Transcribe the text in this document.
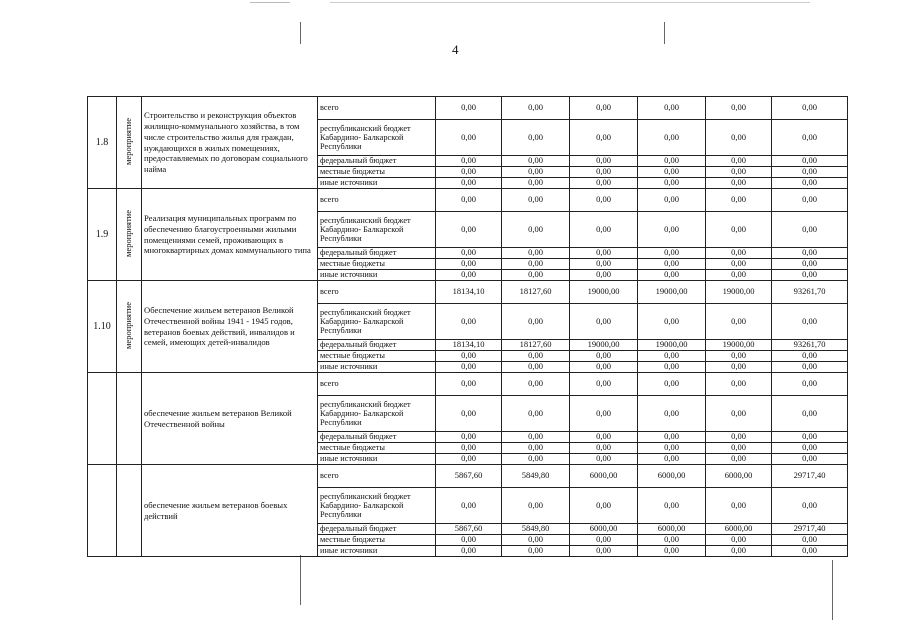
4
1.8	мероприятие	Строительство и реконструкция объектов жилищно-коммунального хозяйства, в том числе строительство жилья для граждан, нуждающихся в жилых помещениях, предоставляемых по договорам социального найма	всего	0,00	0,00	0,00	0,00	0,00	0,00
			республиканский бюджет Кабардино- Балкарской Республики	0,00	0,00	0,00	0,00	0,00	0,00
			федеральный бюджет	0,00	0,00	0,00	0,00	0,00	0,00
			местные бюджеты	0,00	0,00	0,00	0,00	0,00	0,00
			иные источники	0,00	0,00	0,00	0,00	0,00	0,00
1.9	мероприятие	Реализация муниципальных программ по обеспечению благоустроенными жилыми помещениями семей, проживающих в многоквартирных домах коммунального типа	всего	0,00	0,00	0,00	0,00	0,00	0,00
			республиканский бюджет Кабардино- Балкарской Республики	0,00	0,00	0,00	0,00	0,00	0,00
			федеральный бюджет	0,00	0,00	0,00	0,00	0,00	0,00
			местные бюджеты	0,00	0,00	0,00	0,00	0,00	0,00
			иные источники	0,00	0,00	0,00	0,00	0,00	0,00
1.10	мероприятие	Обеспечение жильем ветеранов Великой Отечественной войны 1941 - 1945 годов, ветеранов боевых действий, инвалидов и семей, имеющих детей-инвалидов	всего	18134,10	18127,60	19000,00	19000,00	19000,00	93261,70
			республиканский бюджет Кабардино- Балкарской Республики	0,00	0,00	0,00	0,00	0,00	0,00
			федеральный бюджет	18134,10	18127,60	19000,00	19000,00	19000,00	93261,70
			местные бюджеты	0,00	0,00	0,00	0,00	0,00	0,00
			иные источники	0,00	0,00	0,00	0,00	0,00	0,00
		обеспечение жильем ветеранов Великой Отечественной войны	всего	0,00	0,00	0,00	0,00	0,00	0,00
			республиканский бюджет Кабардино- Балкарской Республики	0,00	0,00	0,00	0,00	0,00	0,00
			федеральный бюджет	0,00	0,00	0,00	0,00	0,00	0,00
			местные бюджеты	0,00	0,00	0,00	0,00	0,00	0,00
			иные источники	0,00	0,00	0,00	0,00	0,00	0,00
		обеспечение жильем ветеранов боевых действий	всего	5867,60	5849,80	6000,00	6000,00	6000,00	29717,40
			республиканский бюджет Кабардино- Балкарской Республики	0,00	0,00	0,00	0,00	0,00	0,00
			федеральный бюджет	5867,60	5849,80	6000,00	6000,00	6000,00	29717,40
			местные бюджеты	0,00	0,00	0,00	0,00	0,00	0,00
			иные источники	0,00	0,00	0,00	0,00	0,00	0,00
